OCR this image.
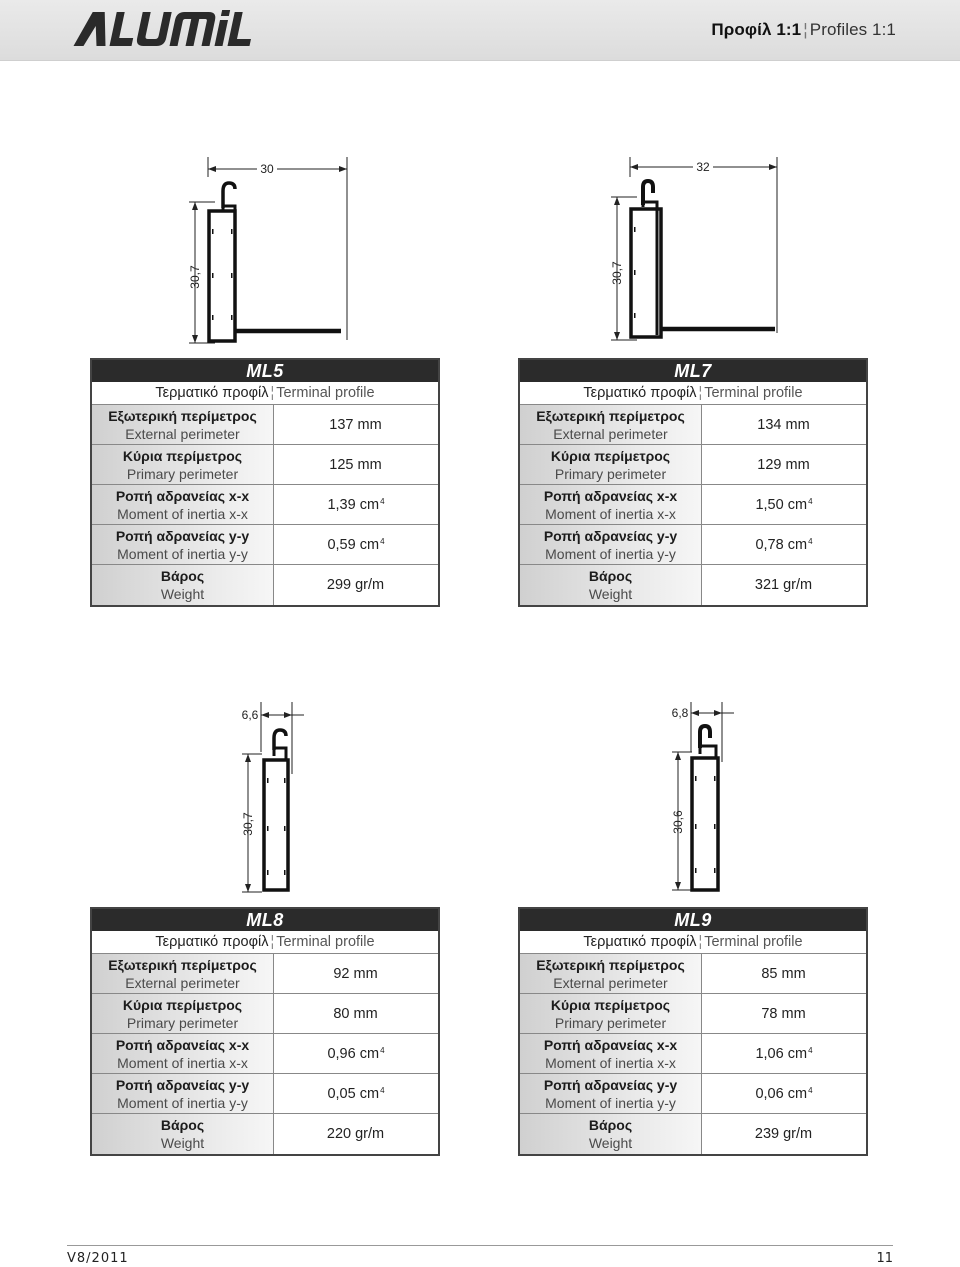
Προφίλ 1:1 ¦ Profiles 1:1
30
30,7
32
30,7
6,6
30,7
6,8
30,6
ML5
Τερματικό προφίλ ¦ Terminal profile
Εξωτερική περίμετρος
External perimeter
137 mm
Κύρια περίμετρος
Primary perimeter
125 mm
Ροπή αδρανείας x-x
Moment of inertia x-x
1,39 $cm^4$
Ροπή αδρανείας y-y
Moment of inertia y-y
0,59 $cm^4$
Βάρος
Weight
299 gr/m
ML7
Τερματικό προφίλ ¦ Terminal profile
Εξωτερική περίμετρος
External perimeter
134 mm
Κύρια περίμετρος
Primary perimeter
129 mm
Ροπή αδρανείας x-x
Moment of inertia x-x
1,50 $cm^4$
Ροπή αδρανείας y-y
Moment of inertia y-y
0,78 $cm^4$
Βάρος
Weight
321 gr/m
ML8
Τερματικό προφίλ ¦ Terminal profile
Εξωτερική περίμετρος
External perimeter
92 mm
Κύρια περίμετρος
Primary perimeter
80 mm
Ροπή αδρανείας x-x
Moment of inertia x-x
0,96 $cm^4$
Ροπή αδρανείας y-y
Moment of inertia y-y
0,05 $cm^4$
Βάρος
Weight
220 gr/m
ML9
Τερματικό προφίλ ¦ Terminal profile
Εξωτερική περίμετρος
External perimeter
85 mm
Κύρια περίμετρος
Primary perimeter
78 mm
Ροπή αδρανείας x-x
Moment of inertia x-x
1,06 $cm^4$
Ροπή αδρανείας y-y
Moment of inertia y-y
0,06 $cm^4$
Βάρος
Weight
239 gr/m
V8/2011	11
